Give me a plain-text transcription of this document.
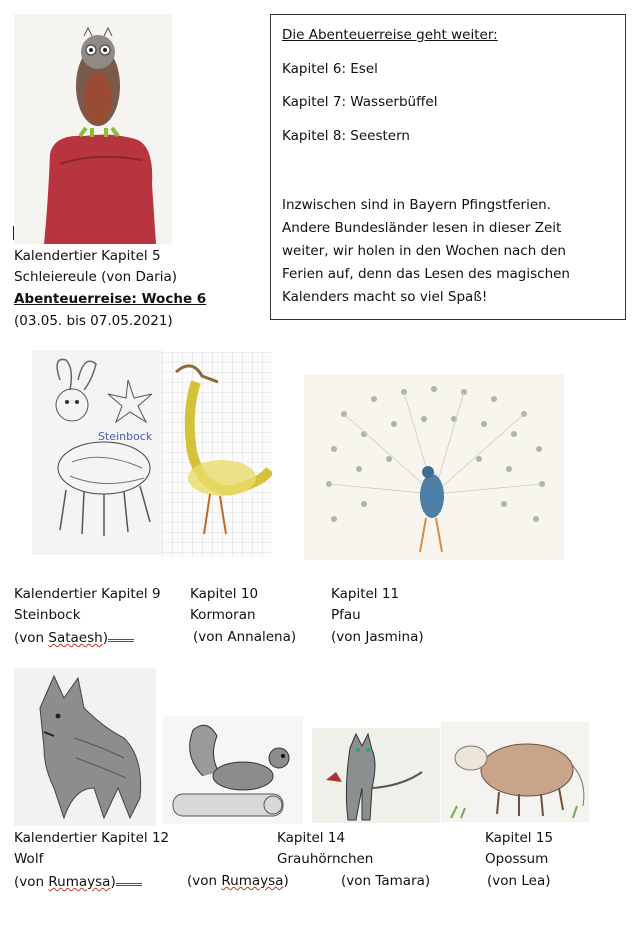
Kalendertier Kapitel 5
Schleiereule (von Daria)
Abenteuerreise: Woche 6
(03.05. bis 07.05.2021)
Die Abenteuerreise geht weiter:
Kapitel 6: Esel
Kapitel 7: Wasserbüffel
Kapitel 8: Seestern
Inzwischen sind in Bayern Pfingstferien.
Andere Bundesländer lesen in dieser Zeit
weiter, wir holen in den Wochen nach den
Ferien auf, denn das Lesen des magischen
Kalenders macht so viel Spaß!
Steinbock
Kalendertier Kapitel 9
Steinbock
(von Sataesh)
Kapitel 10
Kormoran
(von Annalena)
Kapitel 11
Pfau
(von Jasmina)
Kalendertier Kapitel 12
Wolf
(von Rumaysa)
Kapitel 14
Grauhörnchen
(von Rumaysa)	(von Tamara)
Kapitel 15
Opossum
(von Lea)
